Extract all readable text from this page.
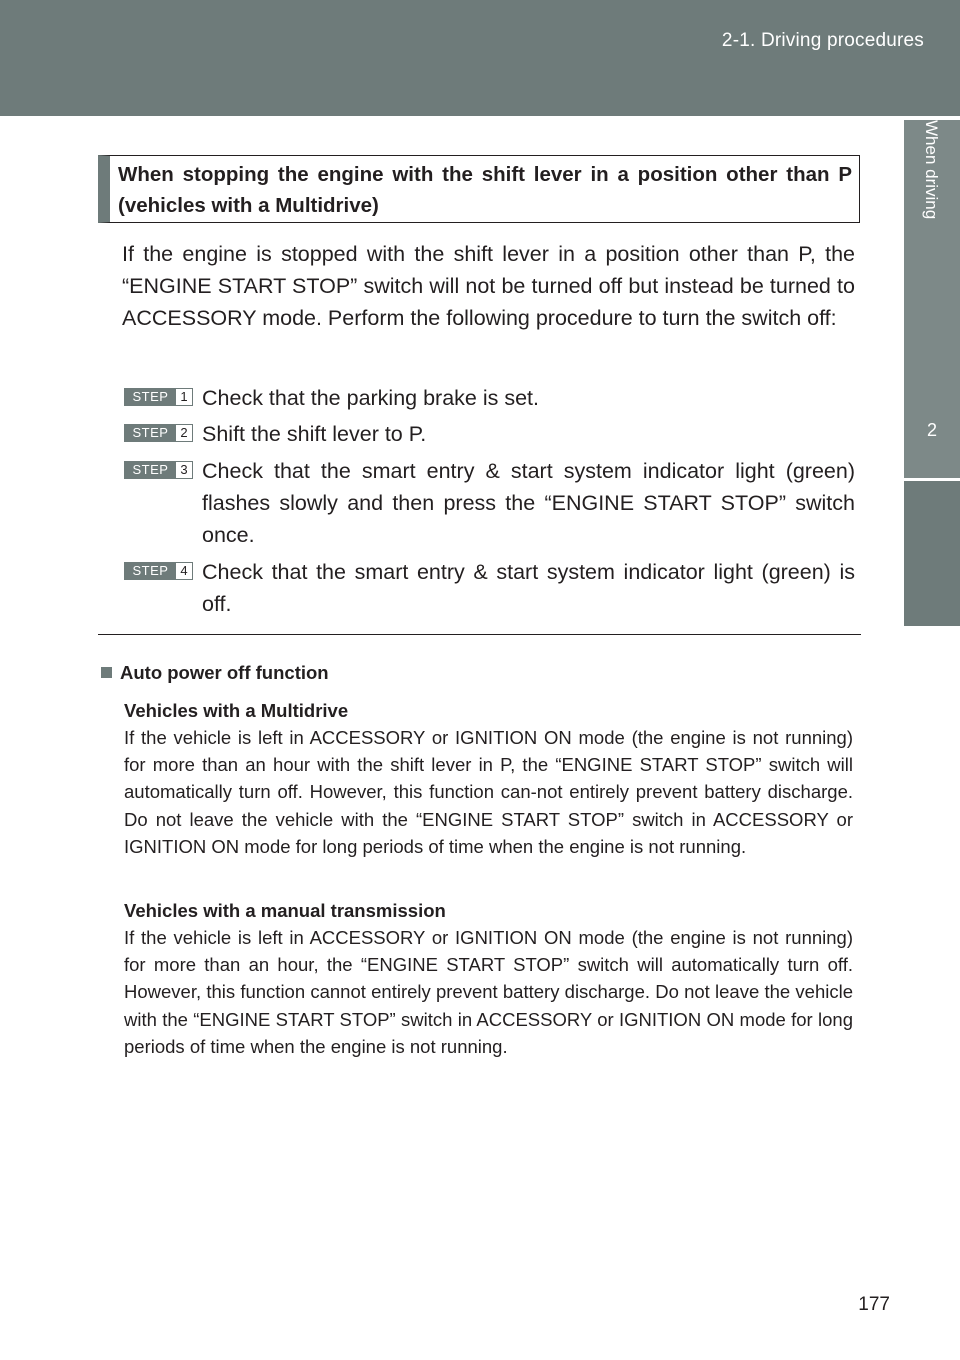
2-1. Driving procedures
2
When driving
When stopping the engine with the shift lever in a position other than P (vehicles with a Multidrive)
If the engine is stopped with the shift lever in a position other than P, the “ENGINE START STOP” switch will not be turned off but instead be turned to ACCESSORY mode. Perform the following procedure to turn the switch off:
STEP 1 Check that the parking brake is set.
STEP 2 Shift the shift lever to P.
STEP 3 Check that the smart entry & start system indicator light (green) flashes slowly and then press the “ENGINE START STOP” switch once.
STEP 4 Check that the smart entry & start system indicator light (green) is off.
Auto power off function
Vehicles with a Multidrive
If the vehicle is left in ACCESSORY or IGNITION ON mode (the engine is not running) for more than an hour with the shift lever in P, the “ENGINE START STOP” switch will automatically turn off. However, this function can-not entirely prevent battery discharge. Do not leave the vehicle with the “ENGINE START STOP” switch in ACCESSORY or IGNITION ON mode for long periods of time when the engine is not running.
Vehicles with a manual transmission
If the vehicle is left in ACCESSORY or IGNITION ON mode (the engine is not running) for more than an hour, the “ENGINE START STOP” switch will automatically turn off. However, this function cannot entirely prevent battery discharge. Do not leave the vehicle with the “ENGINE START STOP” switch in ACCESSORY or IGNITION ON mode for long periods of time when the engine is not running.
177
